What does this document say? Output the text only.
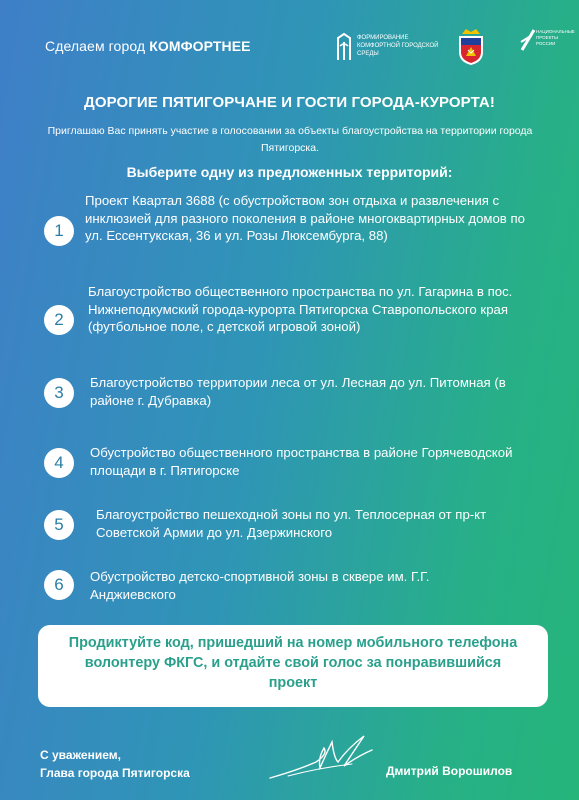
Сделаем город КОМФОРТНЕЕ	ФОРМИРОВАНИЕ КОМФОРТНОЙ ГОРОДСКОЙ СРЕДЫ
НАЦИОНАЛЬНЫЕ ПРОЕКТЫ РОССИИ
ДОРОГИЕ ПЯТИГОРЧАНЕ И ГОСТИ ГОРОДА-КУРОРТА!
Приглашаю Вас принять участие в голосовании за объекты благоустройства на территории города Пятигорска.
Выберите одну из предложенных территорий:
1
Проект Квартал 3688 (с обустройством зон отдыха и развлечения с инклюзией для разного поколения в районе многоквартирных домов по ул. Ессентукская, 36 и ул. Розы Люксембурга, 88)
2
Благоустройство общественного пространства по ул. Гагарина в пос. Нижнеподкумский города-курорта Пятигорска Ставропольского края (футбольное поле, с детской игровой зоной)
3
Благоустройство территории леса от ул. Лесная до ул. Питомная (в районе г. Дубравка)
4
Обустройство общественного пространства в районе Горячеводской площади в г. Пятигорске
5
Благоустройство пешеходной зоны по ул. Теплосерная от пр-кт Советской Армии до ул. Дзержинского
6	Обустройство детско-спортивной зоны в сквере им. Г.Г. Анджиевского
Продиктуйте код, пришедший на номер мобильного телефона волонтеру ФКГС, и отдайте свой голос за понравившийся проект
С уважением,
Глава города Пятигорска	Дмитрий Ворошилов
